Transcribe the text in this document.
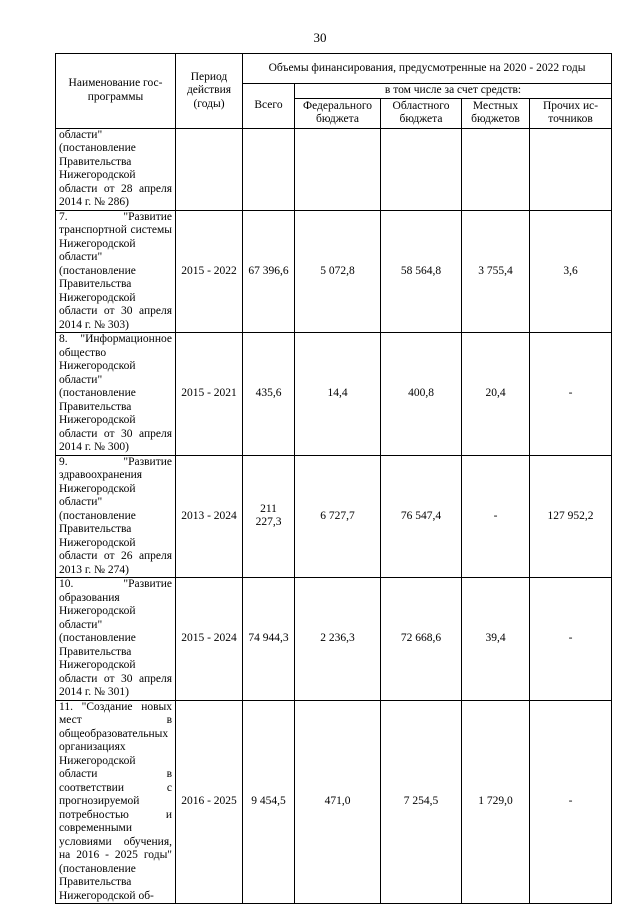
30
Наименование гос-программы	Период действия (годы)	Объемы финансирования, предусмотренные на 2020 - 2022 годы				
		Всего	в том числе за счет средств:			
			Федерального бюджета	Областного бюджета	Местных бюджетов	Прочих ис-точников
области" (постановление Правительства Нижегородской области от 28 апреля 2014 г. № 286)						
7. "Развитие транспортной системы Нижегородской области" (постановление Правительства Нижегородской области от 30 апреля 2014 г. № 303)	2015 - 2022	67 396,6	5 072,8	58 564,8	3 755,4	3,6
8. "Информационное общество Нижегородской области" (постановление Правительства Нижегородской области от 30 апреля 2014 г. № 300)	2015 - 2021	435,6	14,4	400,8	20,4	-
9. "Развитие здравоохранения Нижегородской области" (постановление Правительства Нижегородской области от 26 апреля 2013 г. № 274)	2013 - 2024	211 227,3	6 727,7	76 547,4	-	127 952,2
10. "Развитие образования Нижегородской области" (постановление Правительства Нижегородской области от 30 апреля 2014 г. № 301)	2015 - 2024	74 944,3	2 236,3	72 668,6	39,4	-
11. "Создание новых мест в общеобразовательных организациях Нижегородской области в соответствии с прогнозируемой потребностью и современными условиями обучения, на 2016 - 2025 годы" (постановление Правительства Нижегородской об-	2016 - 2025	9 454,5	471,0	7 254,5	1 729,0	-
